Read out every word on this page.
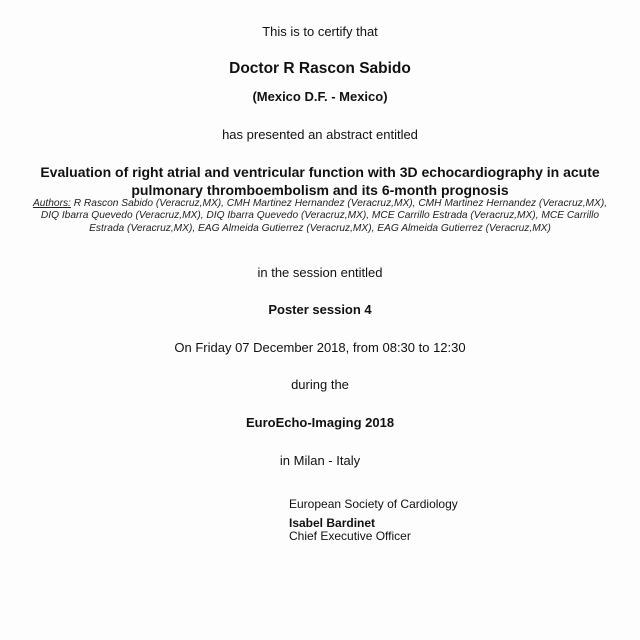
This is to certify that
Doctor R Rascon Sabido
(Mexico D.F. - Mexico)
has presented an abstract entitled
Evaluation of right atrial and ventricular function with 3D echocardiography in acute
pulmonary thromboembolism and its 6-month prognosis
Authors: R Rascon Sabido (Veracruz,MX), CMH Martinez Hernandez (Veracruz,MX), CMH Martinez Hernandez (Veracruz,MX), DIQ Ibarra Quevedo (Veracruz,MX), DIQ Ibarra Quevedo (Veracruz,MX), MCE Carrillo Estrada (Veracruz,MX), MCE Carrillo Estrada (Veracruz,MX), EAG Almeida Gutierrez (Veracruz,MX), EAG Almeida Gutierrez (Veracruz,MX)
in the session entitled
Poster session 4
On Friday 07 December 2018, from 08:30 to 12:30
during the
EuroEcho-Imaging 2018
in Milan - Italy
European Society of Cardiology
Isabel Bardinet
Chief Executive Officer
